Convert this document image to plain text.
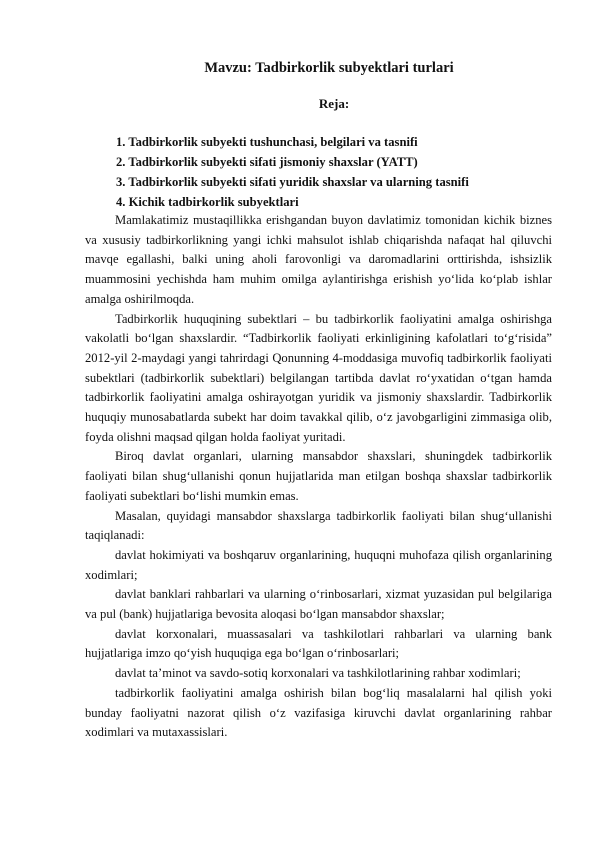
Mavzu: Tadbirkorlik subyektlari turlari
Reja:
1. Tadbirkorlik subyekti tushunchasi, belgilari va tasnifi
2. Tadbirkorlik subyekti sifati jismoniy shaxslar (YATT)
3. Tadbirkorlik subyekti sifati yuridik shaxslar va ularning tasnifi
4. Kichik tadbirkorlik subyektlari

Mamlakatimiz mustaqillikka erishgandan buyon davlatimiz tomonidan kichik biznes va xususiy tadbirkorlikning yangi ichki mahsulot ishlab chiqarishda nafaqat hal qiluvchi mavqe egallashi, balki uning aholi farovonligi va daromadlarini orttirishda, ishsizlik muammosini yechishda ham muhim omilga aylantirishga erishish yo‘lida ko‘plab ishlar amalga oshirilmoqda.

Tadbirkorlik huquqining subektlari – bu tadbirkorlik faoliyatini amalga oshirishga vakolatli bo‘lgan shaxslardir. “Tadbirkorlik faoliyati erkinligining kafolatlari to‘g‘risida” 2012-yil 2-maydagi yangi tahrirdagi Qonunning 4-moddasiga muvofiq tadbirkorlik faoliyati subektlari (tadbirkorlik subektlari) belgilangan tartibda davlat ro‘yxatidan o‘tgan hamda tadbirkorlik faoliyatini amalga oshirayotgan yuridik va jismoniy shaxslardir. Tadbirkorlik huquqiy munosabatlarda subekt har doim tavakkal qilib, o‘z javobgarligini zimmasiga olib, foyda olishni maqsad qilgan holda faoliyat yuritadi.

Biroq davlat organlari, ularning mansabdor shaxslari, shuningdek tadbirkorlik faoliyati bilan shug‘ullanishi qonun hujjatlarida man etilgan boshqa shaxslar tadbirkorlik faoliyati subektlari bo‘lishi mumkin emas.

Masalan, quyidagi mansabdor shaxslarga tadbirkorlik faoliyati bilan shug‘ullanishi taqiqlanadi:

davlat hokimiyati va boshqaruv organlarining, huquqni muhofaza qilish organlarining xodimlari;

davlat banklari rahbarlari va ularning o‘rinbosarlari, xizmat yuzasidan pul belgilariga va pul (bank) hujjatlariga bevosita aloqasi bo‘lgan mansabdor shaxslar;

davlat korxonalari, muassasalari va tashkilotlari rahbarlari va ularning bank hujjatlariga imzo qo‘yish huquqiga ega bo‘lgan o‘rinbosarlari;

davlat ta’minot va savdo-sotiq korxonalari va tashkilotlarining rahbar xodimlari;

tadbirkorlik faoliyatini amalga oshirish bilan bog‘liq masalalarni hal qilish yoki bunday faoliyatni nazorat qilish o‘z vazifasiga kiruvchi davlat organlarining rahbar xodimlari va mutaxassislari.
